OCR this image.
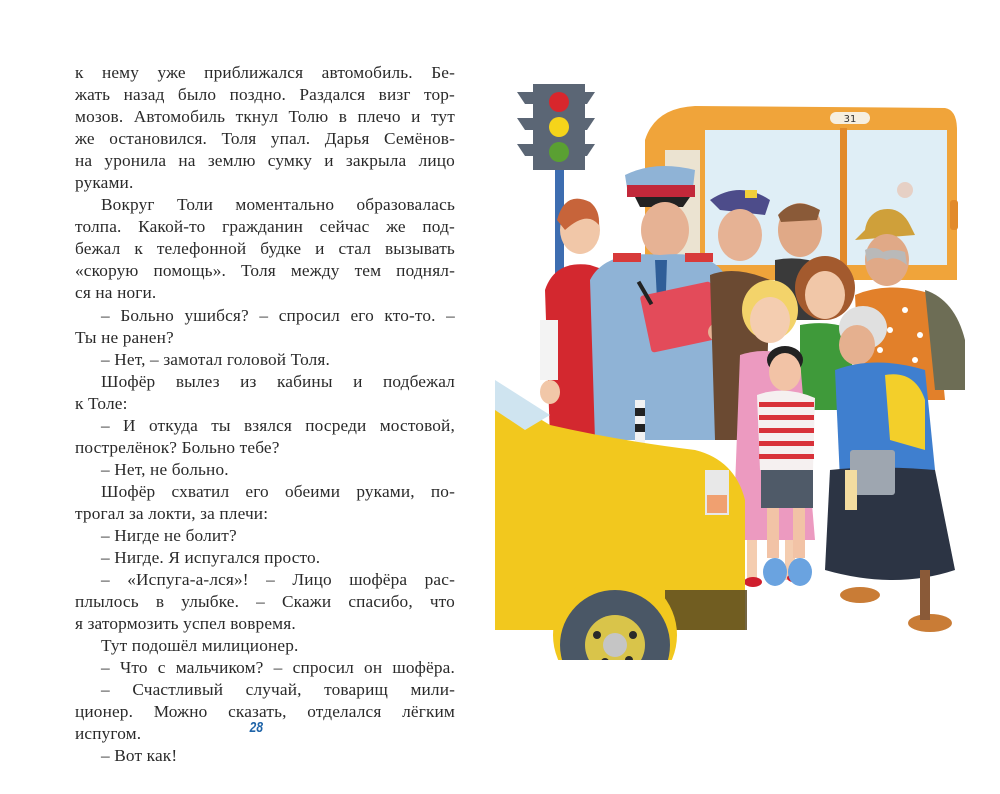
к нему уже приближался автомобиль. Бе-
жать назад было поздно. Раздался визг тор-
мозов. Автомобиль ткнул Толю в плечо и тут
же остановился. Толя упал. Дарья Семёнов-
на уронила на землю сумку и закрыла лицо
руками.
Вокруг Толи моментально образовалась
толпа. Какой-то гражданин сейчас же под-
бежал к телефонной будке и стал вызывать
«скорую помощь». Толя между тем поднял-
ся на ноги.
– Больно ушибся? – спросил его кто-то. –
Ты не ранен?
– Нет, – замотал головой Толя.
Шофёр вылез из кабины и подбежал
к Толе:
– И откуда ты взялся посреди мостовой,
пострелёнок? Больно тебе?
– Нет, не больно.
Шофёр схватил его обеими руками, по-
трогал за локти, за плечи:
– Нигде не болит?
– Нигде. Я испугался просто.
– «Испуга-а-лся»! – Лицо шофёра рас-
плылось в улыбке. – Скажи спасибо, что
я затормозить успел вовремя.
Тут подошёл милиционер.
– Что с мальчиком? – спросил он шофёра.
– Счастливый случай, товарищ мили-
ционер. Можно сказать, отделался лёгким
испугом.
– Вот как!
28
31
